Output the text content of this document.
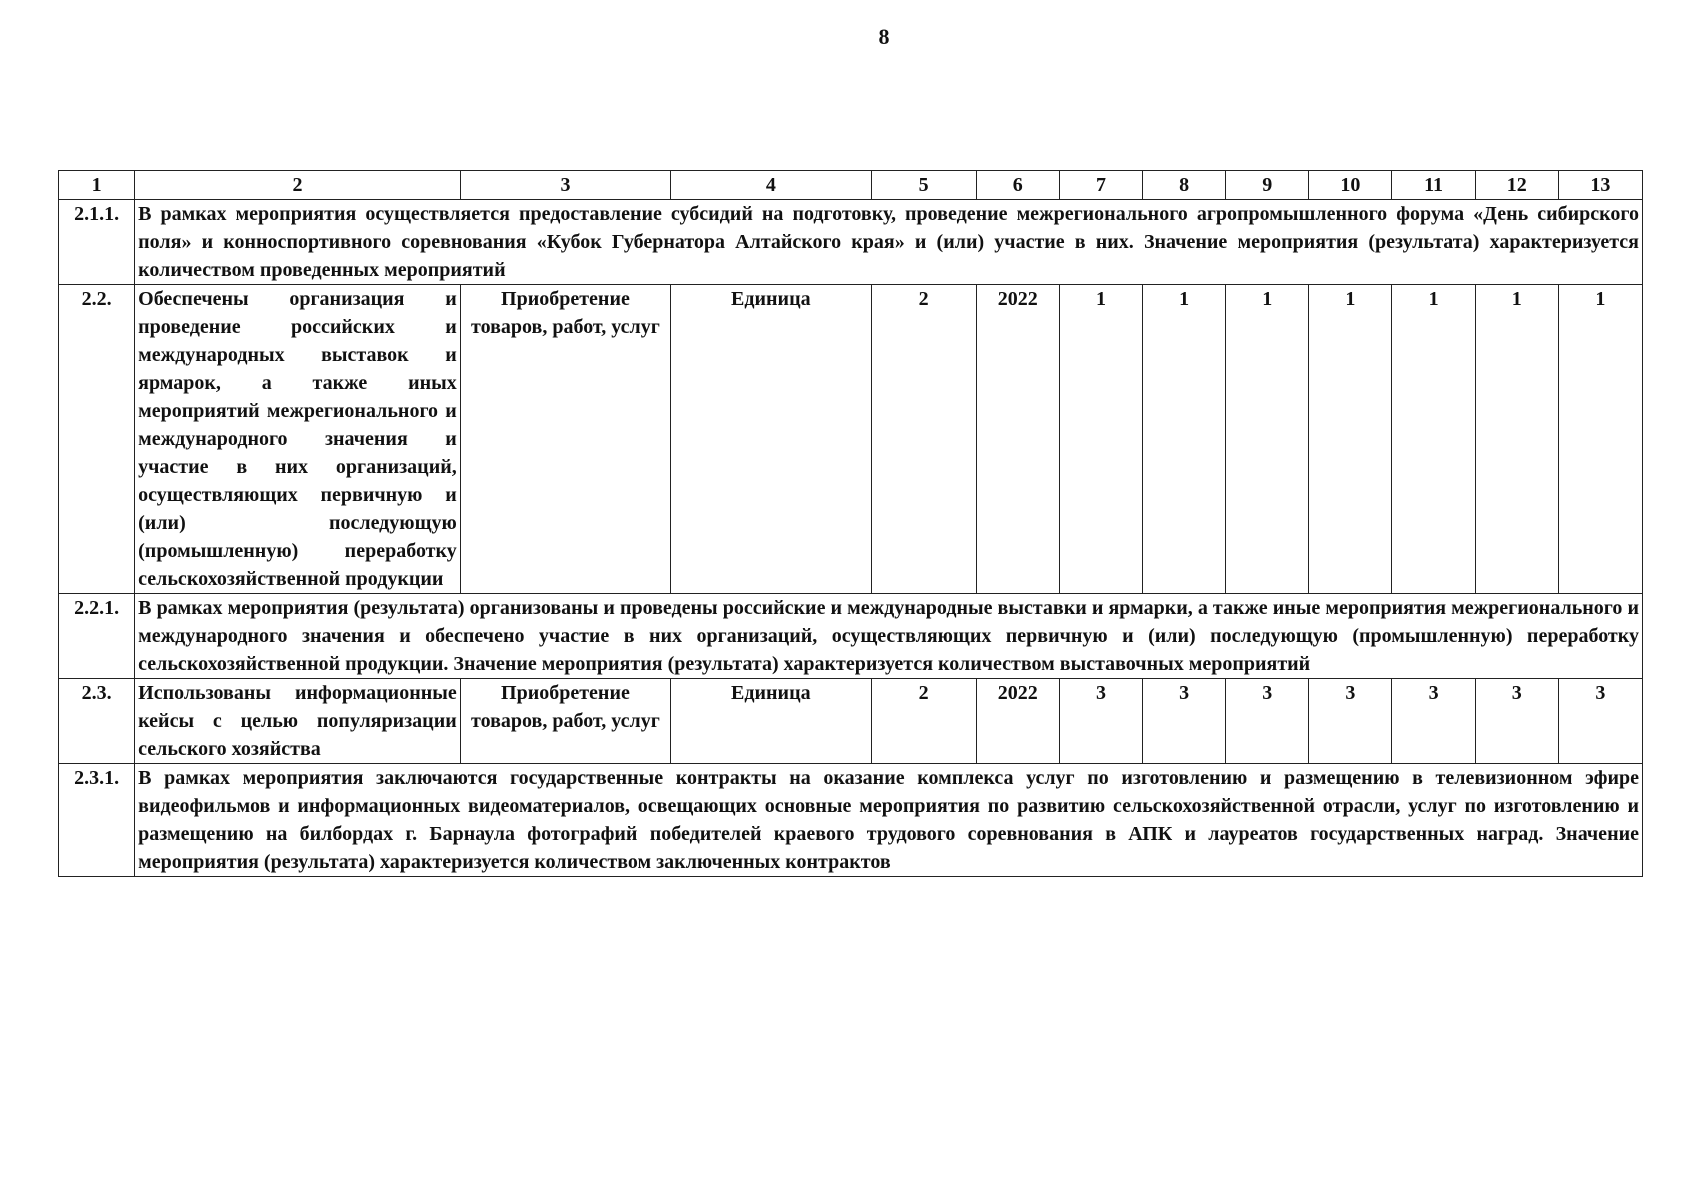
8
1	2	3	4	5	6	7	8	9	10	11	12	13
2.1.1.	В рамках мероприятия осуществляется предоставление субсидий на подготовку, проведение межрегионального агропромышленного форума «День сибирского поля» и конноспортивного соревнования «Кубок Губернатора Алтайского края» и (или) участие в них. Значение мероприятия (результата) характеризуется количеством проведенных мероприятий											
2.2.	Обеспечены организация и проведение российских и международных выставок и ярмарок, а также иных мероприятий межрегионального и международного значения и участие в них организаций, осуществляющих первичную и (или) последующую (промышленную) переработку сельскохозяйственной продукции	Приобретение товаров, работ, услуг	Единица	2	2022	1	1	1	1	1	1	1
2.2.1.	В рамках мероприятия (результата) организованы и проведены российские и международные выставки и ярмарки, а также иные мероприятия межрегионального и международного значения и обеспечено участие в них организаций, осуществляющих первичную и (или) последующую (промышленную) переработку сельскохозяйственной продукции. Значение мероприятия (результата) характеризуется количеством выставочных мероприятий											
2.3.	Использованы информационные кейсы с целью популяризации сельского хозяйства	Приобретение товаров, работ, услуг	Единица	2	2022	3	3	3	3	3	3	3
2.3.1.	В рамках мероприятия заключаются государственные контракты на оказание комплекса услуг по изготовлению и размещению в телевизионном эфире видеофильмов и информационных видеоматериалов, освещающих основные мероприятия по развитию сельскохозяйственной отрасли, услуг по изготовлению и размещению на билбордах г. Барнаула фотографий победителей краевого трудового соревнования в АПК и лауреатов государственных наград. Значение мероприятия (результата) характеризуется количеством заключенных контрактов											
